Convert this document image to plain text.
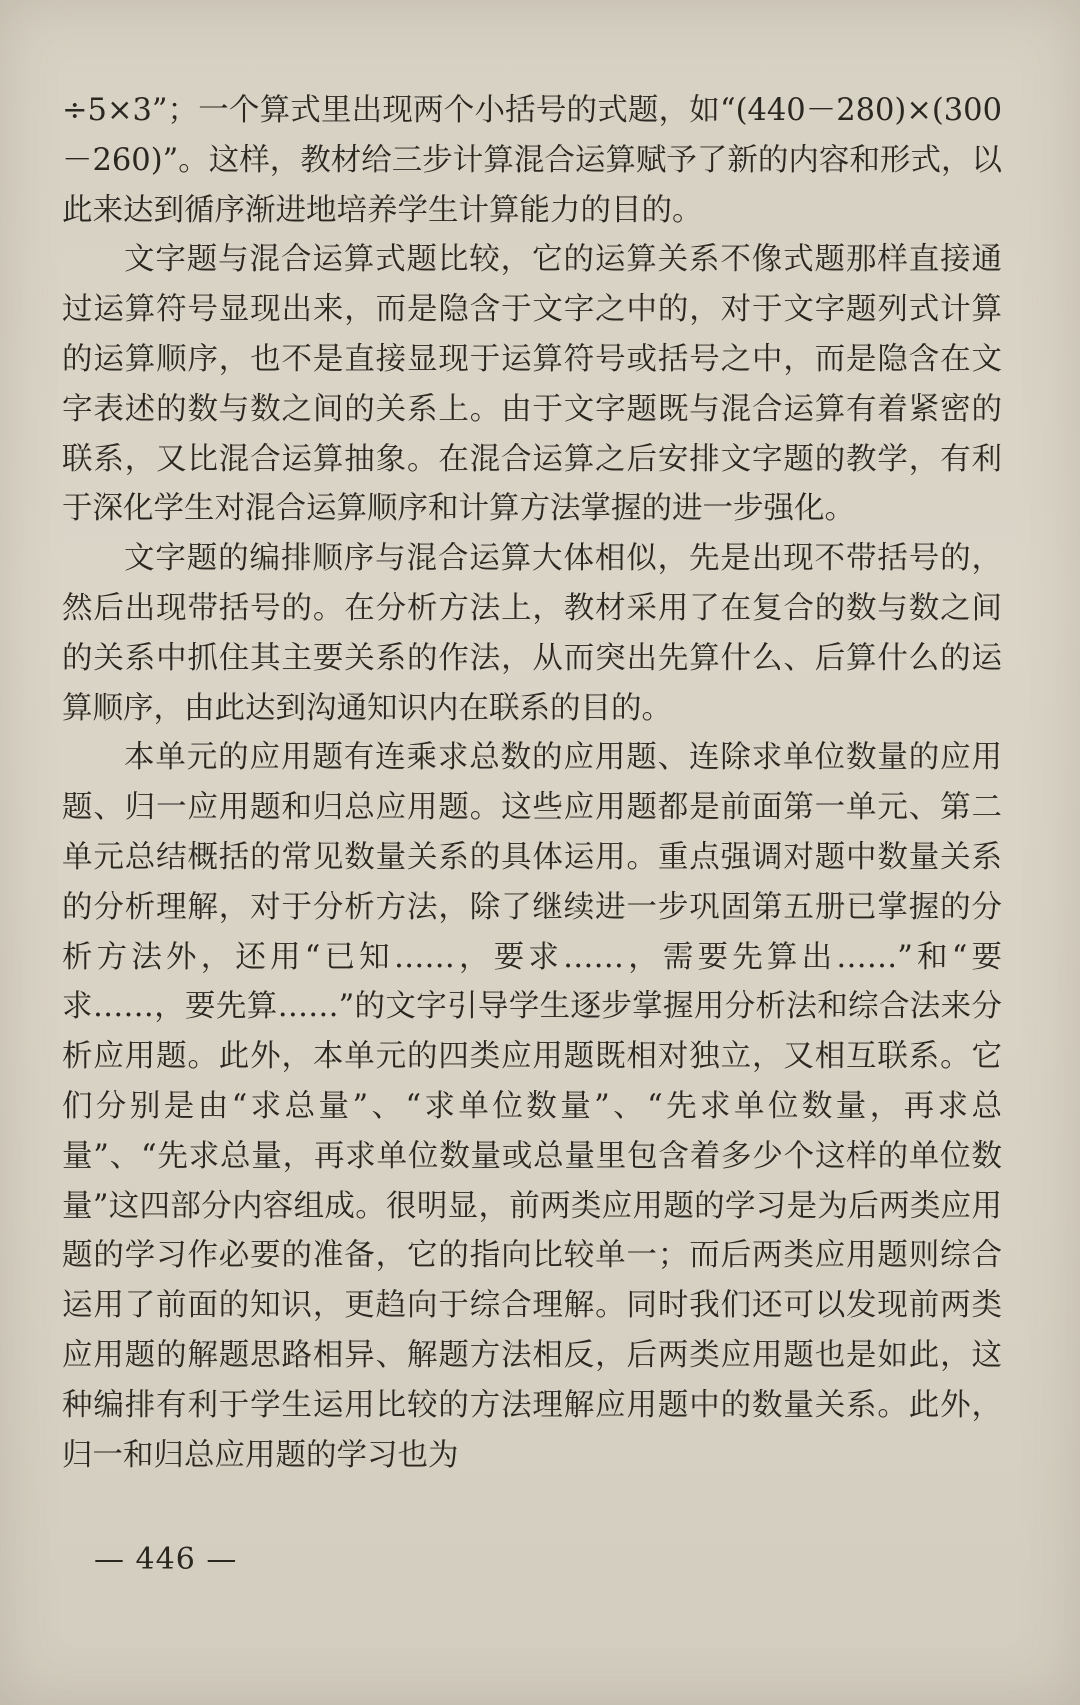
÷5×3”；一个算式里出现两个小括号的式题，如“(440－280)×(300－260)”。这样，教材给三步计算混合运算赋予了新的内容和形式，以此来达到循序渐进地培养学生计算能力的目的。

文字题与混合运算式题比较，它的运算关系不像式题那样直接通过运算符号显现出来，而是隐含于文字之中的，对于文字题列式计算的运算顺序，也不是直接显现于运算符号或括号之中，而是隐含在文字表述的数与数之间的关系上。由于文字题既与混合运算有着紧密的联系，又比混合运算抽象。在混合运算之后安排文字题的教学，有利于深化学生对混合运算顺序和计算方法掌握的进一步强化。

文字题的编排顺序与混合运算大体相似，先是出现不带括号的，然后出现带括号的。在分析方法上，教材采用了在复合的数与数之间的关系中抓住其主要关系的作法，从而突出先算什么、后算什么的运算顺序，由此达到沟通知识内在联系的目的。

本单元的应用题有连乘求总数的应用题、连除求单位数量的应用题、归一应用题和归总应用题。这些应用题都是前面第一单元、第二单元总结概括的常见数量关系的具体运用。重点强调对题中数量关系的分析理解，对于分析方法，除了继续进一步巩固第五册已掌握的分析方法外，还用“已知……，要求……，需要先算出……”和“要求……，要先算……”的文字引导学生逐步掌握用分析法和综合法来分析应用题。此外，本单元的四类应用题既相对独立，又相互联系。它们分别是由“求总量”、“求单位数量”、“先求单位数量，再求总量”、“先求总量，再求单位数量或总量里包含着多少个这样的单位数量”这四部分内容组成。很明显，前两类应用题的学习是为后两类应用题的学习作必要的准备，它的指向比较单一；而后两类应用题则综合运用了前面的知识，更趋向于综合理解。同时我们还可以发现前两类应用题的解题思路相异、解题方法相反，后两类应用题也是如此，这种编排有利于学生运用比较的方法理解应用题中的数量关系。此外，归一和归总应用题的学习也为

— 446 —
